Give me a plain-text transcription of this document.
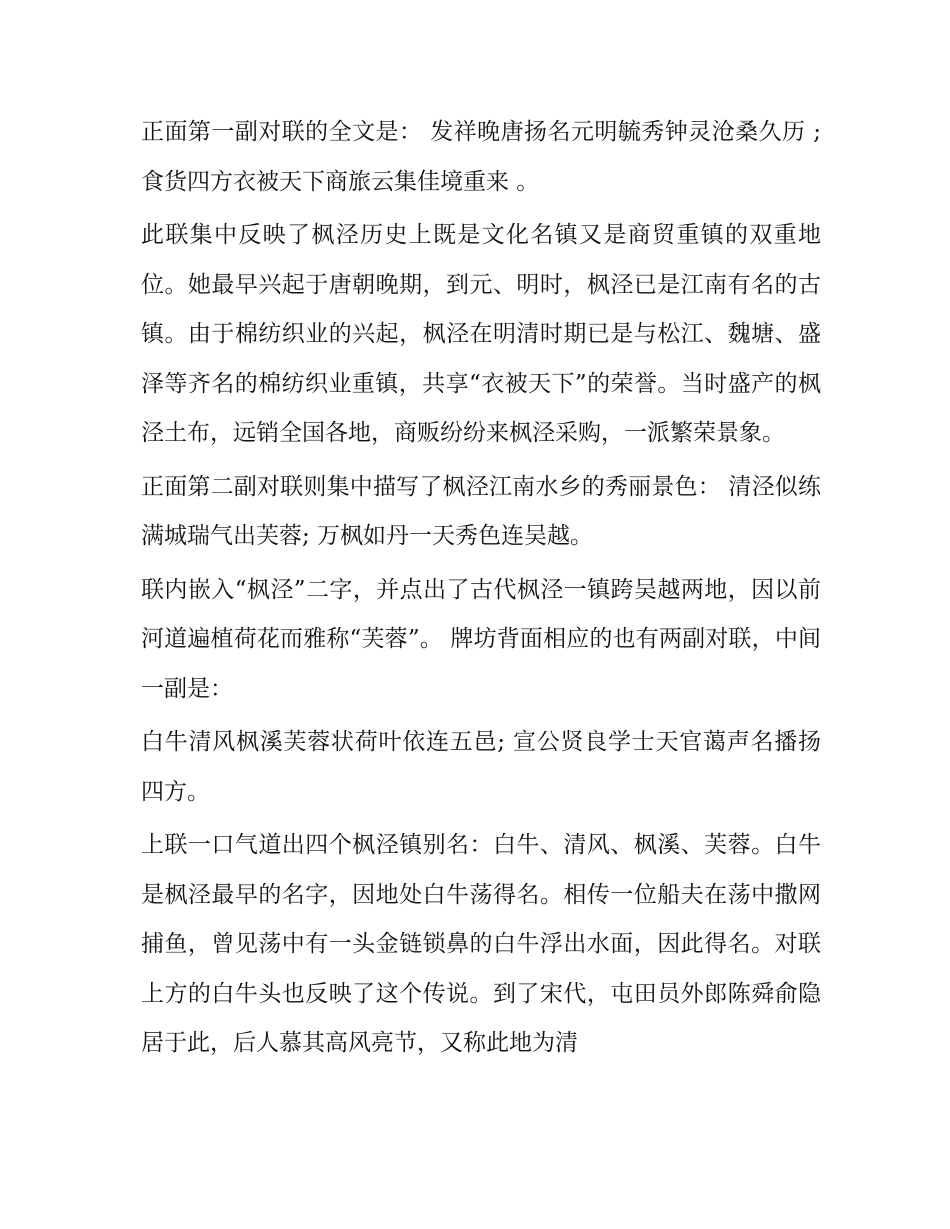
正面第一副对联的全文是： 发祥晚唐扬名元明毓秀钟灵沧桑久历 ; 食货四方衣被天下商旅云集佳境重来 。

此联集中反映了枫泾历史上既是文化名镇又是商贸重镇的双重地位。她最早兴起于唐朝晚期，到元、明时，枫泾已是江南有名的古镇。由于棉纺织业的兴起，枫泾在明清时期已是与松江、魏塘、盛泽等齐名的棉纺织业重镇，共享“衣被天下”的荣誉。当时盛产的枫泾土布，远销全国各地，商贩纷纷来枫泾采购，一派繁荣景象。

正面第二副对联则集中描写了枫泾江南水乡的秀丽景色： 清泾似练满城瑞气出芙蓉; 万枫如丹一天秀色连吴越。

联内嵌入“枫泾”二字，并点出了古代枫泾一镇跨吴越两地，因以前河道遍植荷花而雅称“芙蓉”。 牌坊背面相应的也有两副对联，中间一副是：

白牛清风枫溪芙蓉状荷叶依连五邑; 宣公贤良学士天官蔼声名播扬四方。

上联一口气道出四个枫泾镇别名：白牛、清风、枫溪、芙蓉。白牛是枫泾最早的名字，因地处白牛荡得名。相传一位船夫在荡中撒网捕鱼，曾见荡中有一头金链锁鼻的白牛浮出水面，因此得名。对联上方的白牛头也反映了这个传说。到了宋代，屯田员外郎陈舜俞隐居于此，后人慕其高风亮节，又称此地为清
